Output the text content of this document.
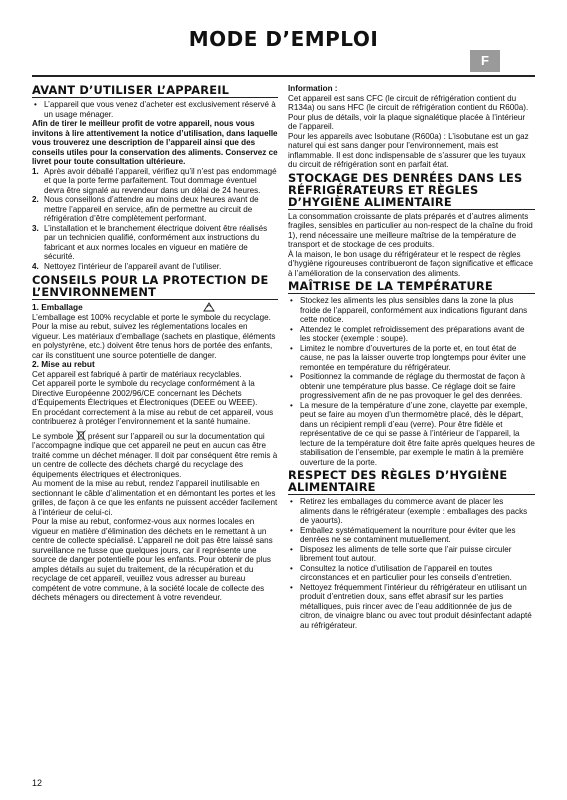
MODE D’EMPLOI
F
AVANT D’UTILISER L’APPAREIL
• L’appareil que vous venez d’acheter est exclusivement réservé à un usage ménager.

Afin de tirer le meilleur profit de votre appareil, nous vous invitons à lire attentivement la notice d’utilisation, dans laquelle vous trouverez une description de l’appareil ainsi que des conseils utiles pour la conservation des aliments. Conservez ce livret pour toute consultation ultérieure.

1. Après avoir déballé l’appareil, vérifiez qu’il n’est pas endommagé et que la porte ferme parfaitement. Tout dommage éventuel devra être signalé au revendeur dans un délai de 24 heures.
2. Nous conseillons d’attendre au moins deux heures avant de mettre l’appareil en service, afin de permettre au circuit de réfrigération d’être complètement performant.
3. L’installation et le branchement électrique doivent être réalisés par un technicien qualifié, conformément aux instructions du fabricant et aux normes locales en vigueur en matière de sécurité.
4. Nettoyez l’intérieur de l’appareil avant de l’utiliser.
CONSEILS POUR LA PROTECTION DE L’ENVIRONNEMENT
1. Emballage

L’emballage est 100% recyclable et porte le symbole du recyclage. Pour la mise au rebut, suivez les réglementations locales en vigueur. Les matériaux d’emballage (sachets en plastique, éléments en polystyrène, etc.) doivent être tenus hors de portée des enfants, car ils constituent une source potentielle de danger.

2. Mise au rebut

Cet appareil est fabriqué à partir de matériaux recyclables.

Cet appareil porte le symbole du recyclage conformément à la Directive Européenne 2002/96/CE concernant les Déchets d’Équipements Électriques et Électroniques (DEEE ou WEEE).

En procédant correctement à la mise au rebut de cet appareil, vous contribuerez à protéger l’environnement et la santé humaine.

Le symbole présent sur l’appareil ou sur la documentation qui l’accompagne indique que cet appareil ne peut en aucun cas être traité comme un déchet ménager. Il doit par conséquent être remis à un centre de collecte des déchets chargé du recyclage des équipements électriques et électroniques.

Au moment de la mise au rebut, rendez l’appareil inutilisable en sectionnant le câble d’alimentation et en démontant les portes et les grilles, de façon à ce que les enfants ne puissent accéder facilement à l’intérieur de celui-ci.

Pour la mise au rebut, conformez-vous aux normes locales en vigueur en matière d’élimination des déchets en le remettant à un centre de collecte spécialisé. L’appareil ne doit pas être laissé sans surveillance ne fusse que quelques jours, car il représente une source de danger potentielle pour les enfants. Pour obtenir de plus amples détails au sujet du traitement, de la récupération et du recyclage de cet appareil, veuillez vous adresser au bureau compétent de votre commune, à la société locale de collecte des déchets ménagers ou directement à votre revendeur.

Information :

Cet appareil est sans CFC (le circuit de réfrigération contient du R134a) ou sans HFC (le circuit de réfrigération contient du R600a). Pour plus de détails, voir la plaque signalétique placée à l’intérieur de l’appareil.

Pour les appareils avec Isobutane (R600a) : L’isobutane est un gaz naturel qui est sans danger pour l’environnement, mais est inflammable. Il est donc indispensable de s’assurer que les tuyaux du circuit de réfrigération sont en parfait état.

STOCKAGE DES DENRÉES DANS LES RÉFRIGÉRATEURS ET RÈGLES D’HYGIÈNE ALIMENTAIRE

La consommation croissante de plats préparés et d’autres aliments fragiles, sensibles en particulier au non-respect de la chaîne du froid 1), rend nécessaire une meilleure maîtrise de la température de transport et de stockage de ces produits.

À la maison, le bon usage du réfrigérateur et le respect de règles d’hygiène rigoureuses contribueront de façon significative et efficace à l’amélioration de la conservation des aliments.

MAÎTRISE DE LA TEMPÉRATURE
• Stockez les aliments les plus sensibles dans la zone la plus froide de l’appareil, conformément aux indications figurant dans cette notice.
• Attendez le complet refroidissement des préparations avant de les stocker (exemple : soupe).
• Limitez le nombre d’ouvertures de la porte et, en tout état de cause, ne pas la laisser ouverte trop longtemps pour éviter une remontée en température du réfrigérateur.
• Positionnez la commande de réglage du thermostat de façon à obtenir une température plus basse. Ce réglage doit se faire progressivement afin de ne pas provoquer le gel des denrées.
• La mesure de la température d’une zone, clayette par exemple, peut se faire au moyen d’un thermomètre placé, dès le départ, dans un récipient rempli d’eau (verre). Pour être fidèle et représentative de ce qui se passe à l’intérieur de l’appareil, la lecture de la température doit être faite après quelques heures de stabilisation de l’ensemble, par exemple le matin à la première ouverture de la porte.
RESPECT DES RÈGLES D’HYGIÈNE ALIMENTAIRE
• Retirez les emballages du commerce avant de placer les aliments dans le réfrigérateur (exemple : emballages des packs de yaourts).
• Emballez systématiquement la nourriture pour éviter que les denrées ne se contaminent mutuellement.
• Disposez les aliments de telle sorte que l’air puisse circuler librement tout autour.
• Consultez la notice d’utilisation de l’appareil en toutes circonstances et en particulier pour les conseils d’entretien.
• Nettoyez fréquemment l’intérieur du réfrigérateur en utilisant un produit d’entretien doux, sans effet abrasif sur les parties métalliques, puis rincer avec de l’eau additionnée de jus de citron, de vinaigre blanc ou avec tout produit désinfectant adapté au réfrigérateur.
12
